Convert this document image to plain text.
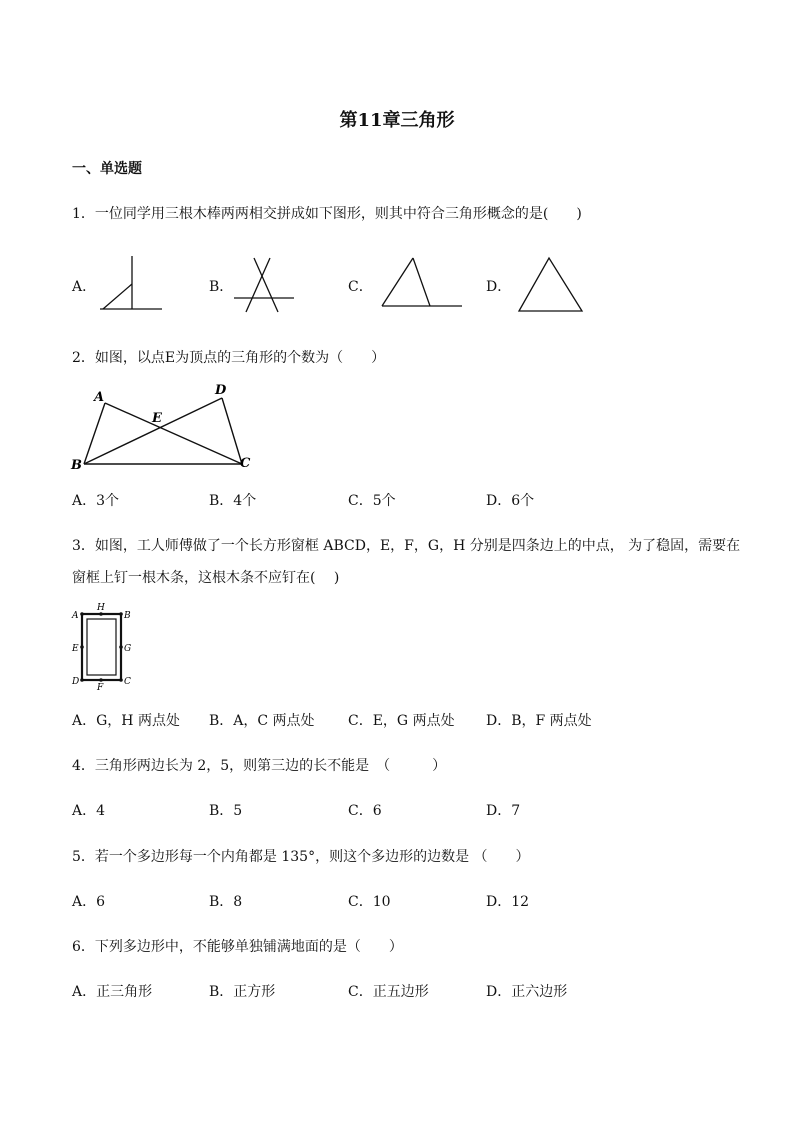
第11章三角形
一、单选题
1．一位同学用三根木棒两两相交拼成如下图形，则其中符合三角形概念的是(　　)
A．	B．	C．	D．
2．如图，以点E为顶点的三角形的个数为（　　）
A
E
D
B	C
A．3个	B．4个	C．5个	D．6个
3．如图，工人师傅做了一个长方形窗框 ABCD，E，F，G，H 分别是四条边上的中点， 为了稳固，需要在
窗框上钉一根木条，这根木条不应钉在(　 )
A
H
B
E	G
D
F
C
A．G，H 两点处 B．A，C 两点处 C．E，G 两点处 D．B，F 两点处
4．三角形两边长为 2，5，则第三边的长不能是　（　　　）
A．4	B．5	C．6	D．7
5．若一个多边形每一个内角都是 135°，则这个多边形的边数是 （　　）
A．6	B．8	C．10	D．12
6．下列多边形中，不能够单独铺满地面的是（　　）
A．正三角形	B．正方形	C．正五边形	D．正六边形
